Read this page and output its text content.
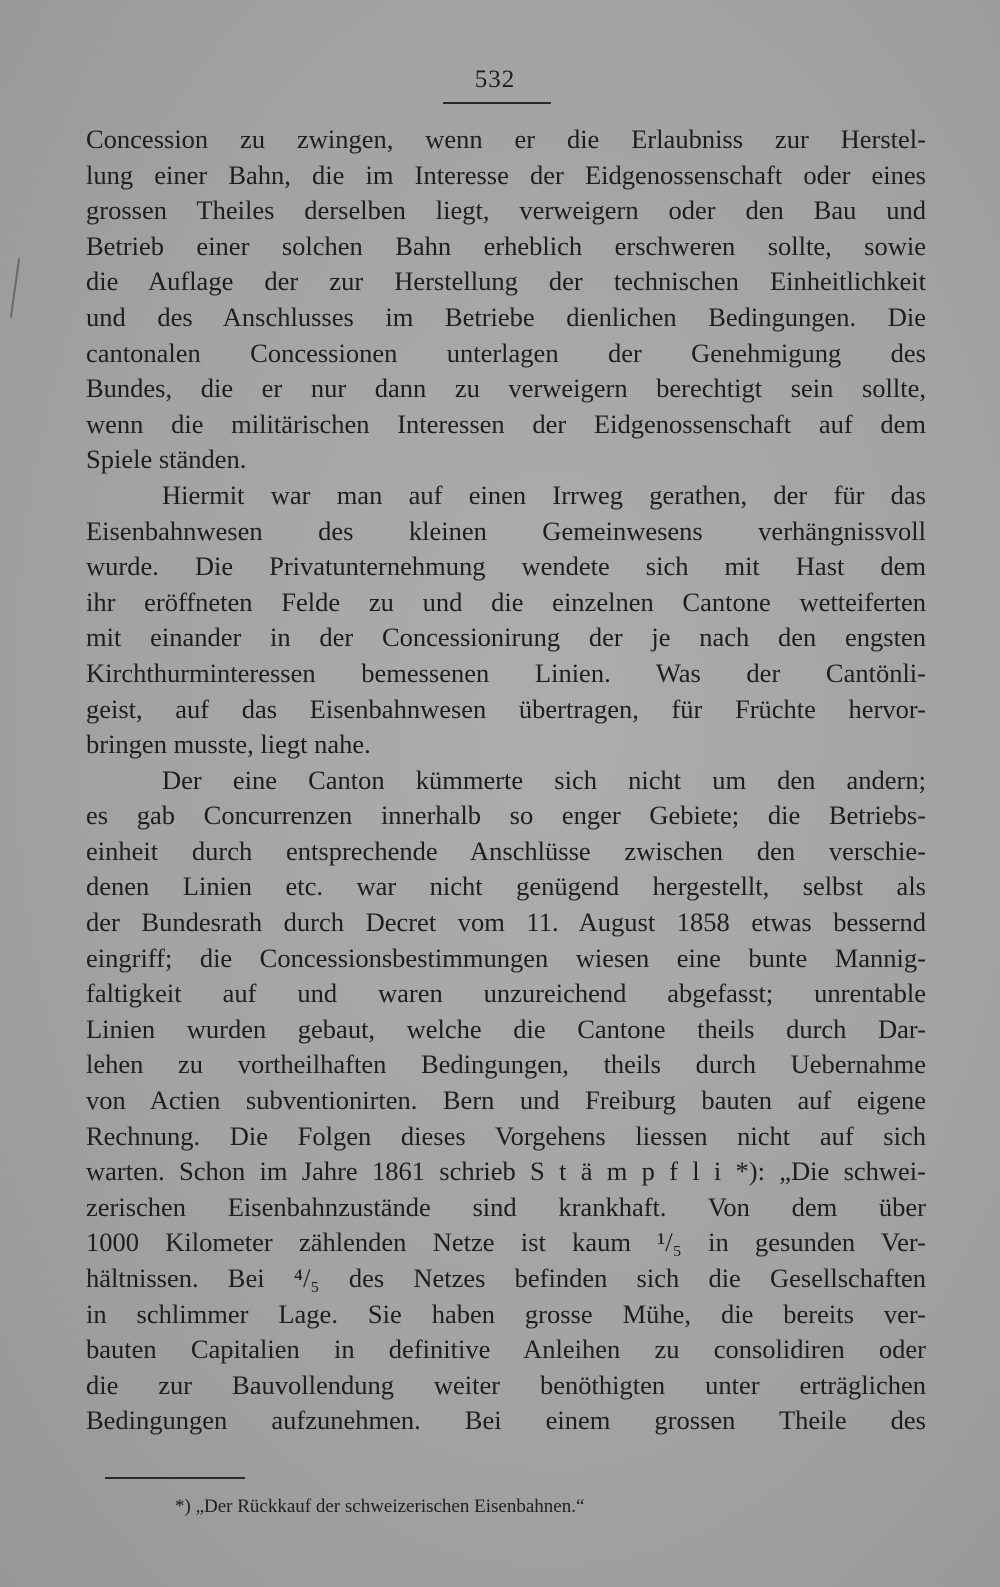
532
Concession zu zwingen, wenn er die Erlaubniss zur Herstel-
lung einer Bahn, die im Interesse der Eidgenossenschaft oder eines
grossen Theiles derselben liegt, verweigern oder den Bau und
Betrieb einer solchen Bahn erheblich erschweren sollte, sowie
die Auflage der zur Herstellung der technischen Einheitlichkeit
und des Anschlusses im Betriebe dienlichen Bedingungen. Die
cantonalen Concessionen unterlagen der Genehmigung des
Bundes, die er nur dann zu verweigern berechtigt sein sollte,
wenn die militärischen Interessen der Eidgenossenschaft auf dem
Spiele ständen.
Hiermit war man auf einen Irrweg gerathen, der für das
Eisenbahnwesen des kleinen Gemeinwesens verhängnissvoll
wurde. Die Privatunternehmung wendete sich mit Hast dem
ihr eröffneten Felde zu und die einzelnen Cantone wetteiferten
mit einander in der Concessionirung der je nach den engsten
Kirchthurminteressen bemessenen Linien. Was der Cantönli-
geist, auf das Eisenbahnwesen übertragen, für Früchte hervor-
bringen musste, liegt nahe.
Der eine Canton kümmerte sich nicht um den andern;
es gab Concurrenzen innerhalb so enger Gebiete; die Betriebs-
einheit durch entsprechende Anschlüsse zwischen den verschie-
denen Linien etc. war nicht genügend hergestellt, selbst als
der Bundesrath durch Decret vom 11. August 1858 etwas bessernd
eingriff; die Concessionsbestimmungen wiesen eine bunte Mannig-
faltigkeit auf und waren unzureichend abgefasst; unrentable
Linien wurden gebaut, welche die Cantone theils durch Dar-
lehen zu vortheilhaften Bedingungen, theils durch Uebernahme
von Actien subventionirten. Bern und Freiburg bauten auf eigene
Rechnung. Die Folgen dieses Vorgehens liessen nicht auf sich
warten. Schon im Jahre 1861 schrieb S t ä m p f l i *): „Die schwei-
zerischen Eisenbahnzustände sind krankhaft. Von dem über
1000 Kilometer zählenden Netze ist kaum ¹/₅ in gesunden Ver-
hältnissen. Bei ⁴/₅ des Netzes befinden sich die Gesellschaften
in schlimmer Lage. Sie haben grosse Mühe, die bereits ver-
bauten Capitalien in definitive Anleihen zu consolidiren oder
die zur Bauvollendung weiter benöthigten unter erträglichen
Bedingungen aufzunehmen. Bei einem grossen Theile des
*) „Der Rückkauf der schweizerischen Eisenbahnen.“
